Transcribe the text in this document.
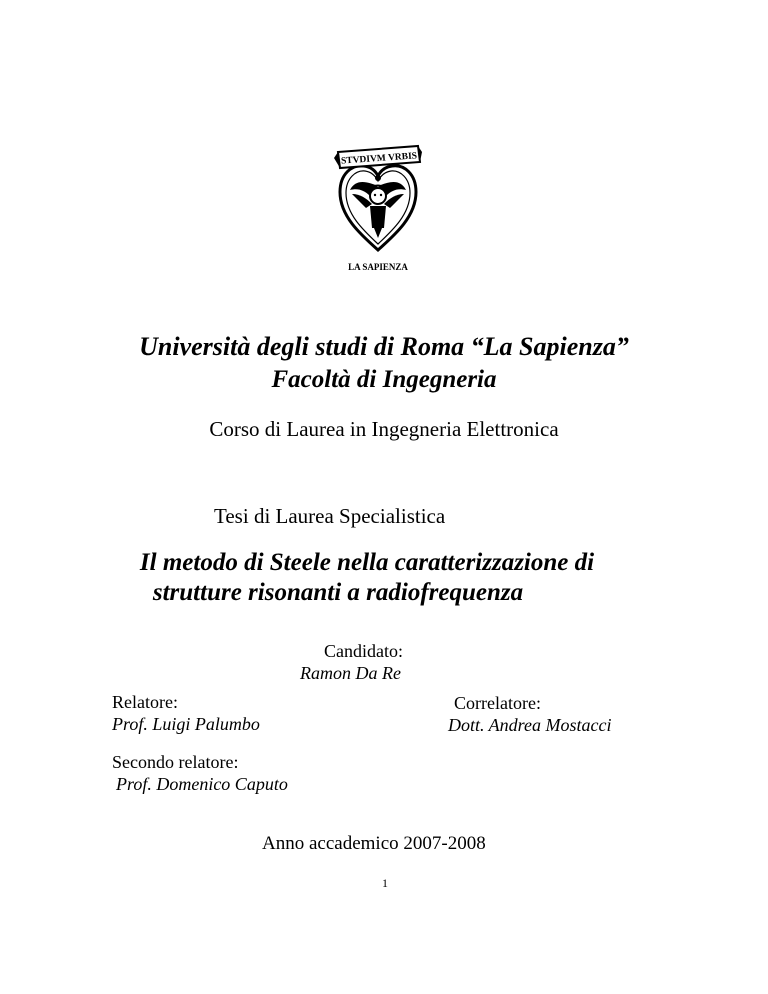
STVDIVM VRBIS
LA SAPIENZA
Università degli studi di Roma “La Sapienza”
Facoltà di Ingegneria
Corso di Laurea in Ingegneria Elettronica
Tesi di Laurea Specialistica
Il metodo di Steele nella caratterizzazione di
strutture risonanti a radiofrequenza
Candidato:
Ramon Da Re
Relatore:
Prof. Luigi Palumbo
Correlatore:
Dott. Andrea Mostacci
Secondo relatore:
Prof. Domenico Caputo
Anno accademico 2007-2008
1
